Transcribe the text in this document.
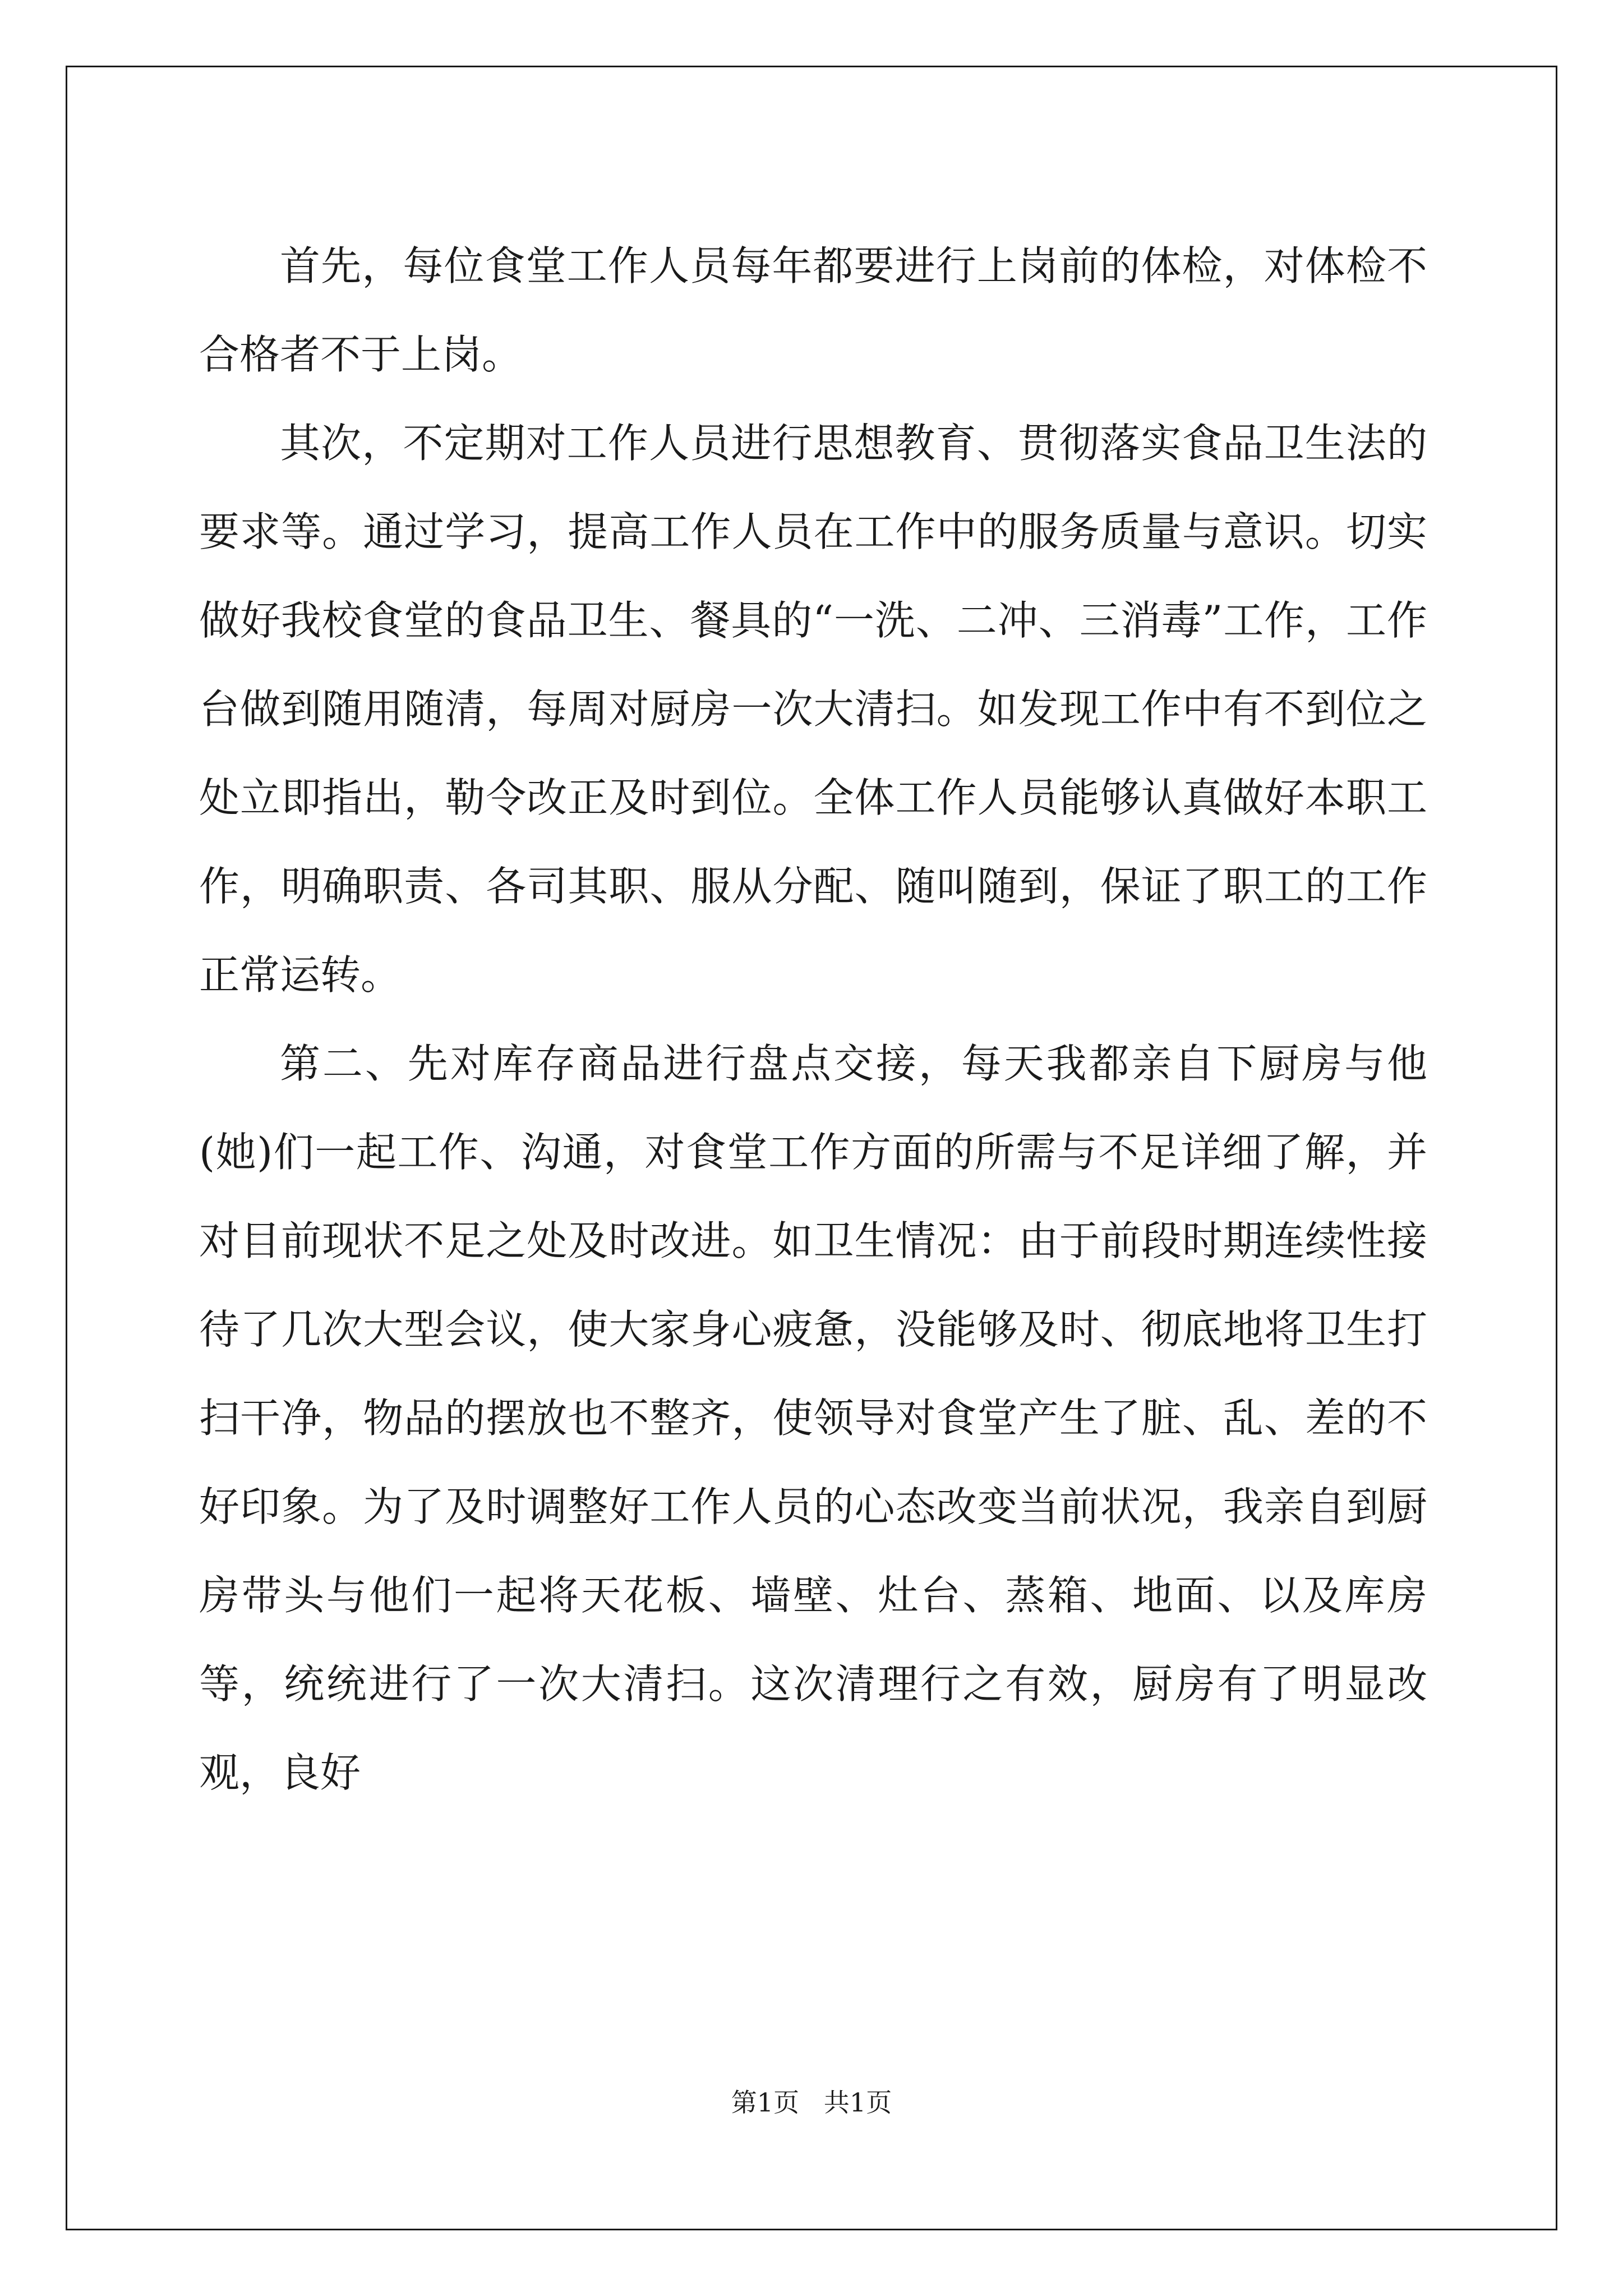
首先，每位食堂工作人员每年都要进行上岗前的体检，对体检不合格者不于上岗。

其次，不定期对工作人员进行思想教育、贯彻落实食品卫生法的要求等。通过学习，提高工作人员在工作中的服务质量与意识。切实做好我校食堂的食品卫生、餐具的“一洗、二冲、三消毒”工作，工作台做到随用随清，每周对厨房一次大清扫。如发现工作中有不到位之处立即指出，勒令改正及时到位。全体工作人员能够认真做好本职工作，明确职责、各司其职、服从分配、随叫随到，保证了职工的工作正常运转。

第二、先对库存商品进行盘点交接，每天我都亲自下厨房与他(她)们一起工作、沟通，对食堂工作方面的所需与不足详细了解，并对目前现状不足之处及时改进。如卫生情况：由于前段时期连续性接待了几次大型会议，使大家身心疲惫，没能够及时、彻底地将卫生打扫干净，物品的摆放也不整齐，使领导对食堂产生了脏、乱、差的不好印象。为了及时调整好工作人员的心态改变当前状况，我亲自到厨房带头与他们一起将天花板、墙壁、灶台、蒸箱、地面、以及库房等，统统进行了一次大清扫。这次清理行之有效，厨房有了明显改观，良好

第1页   共1页
